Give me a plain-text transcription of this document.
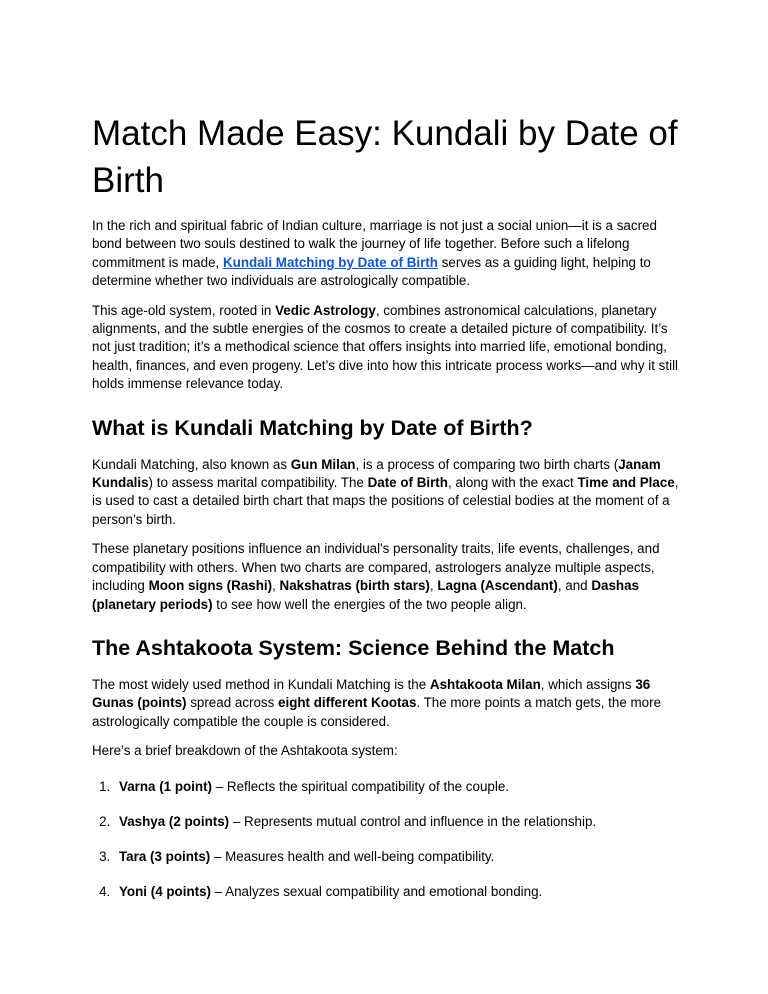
Match Made Easy: Kundali by Date of Birth

In the rich and spiritual fabric of Indian culture, marriage is not just a social union—it is a sacred bond between two souls destined to walk the journey of life together. Before such a lifelong commitment is made, Kundali Matching by Date of Birth serves as a guiding light, helping to determine whether two individuals are astrologically compatible.

This age-old system, rooted in Vedic Astrology, combines astronomical calculations, planetary alignments, and the subtle energies of the cosmos to create a detailed picture of compatibility. It’s not just tradition; it’s a methodical science that offers insights into married life, emotional bonding, health, finances, and even progeny. Let’s dive into how this intricate process works—and why it still holds immense relevance today.

What is Kundali Matching by Date of Birth?

Kundali Matching, also known as Gun Milan, is a process of comparing two birth charts (Janam Kundalis) to assess marital compatibility. The Date of Birth, along with the exact Time and Place, is used to cast a detailed birth chart that maps the positions of celestial bodies at the moment of a person’s birth.

These planetary positions influence an individual's personality traits, life events, challenges, and compatibility with others. When two charts are compared, astrologers analyze multiple aspects, including Moon signs (Rashi), Nakshatras (birth stars), Lagna (Ascendant), and Dashas (planetary periods) to see how well the energies of the two people align.

The Ashtakoota System: Science Behind the Match

The most widely used method in Kundali Matching is the Ashtakoota Milan, which assigns 36 Gunas (points) spread across eight different Kootas. The more points a match gets, the more astrologically compatible the couple is considered.

Here’s a brief breakdown of the Ashtakoota system:

1. Varna (1 point) – Reflects the spiritual compatibility of the couple.
2. Vashya (2 points) – Represents mutual control and influence in the relationship.
3. Tara (3 points) – Measures health and well-being compatibility.
4. Yoni (4 points) – Analyzes sexual compatibility and emotional bonding.
